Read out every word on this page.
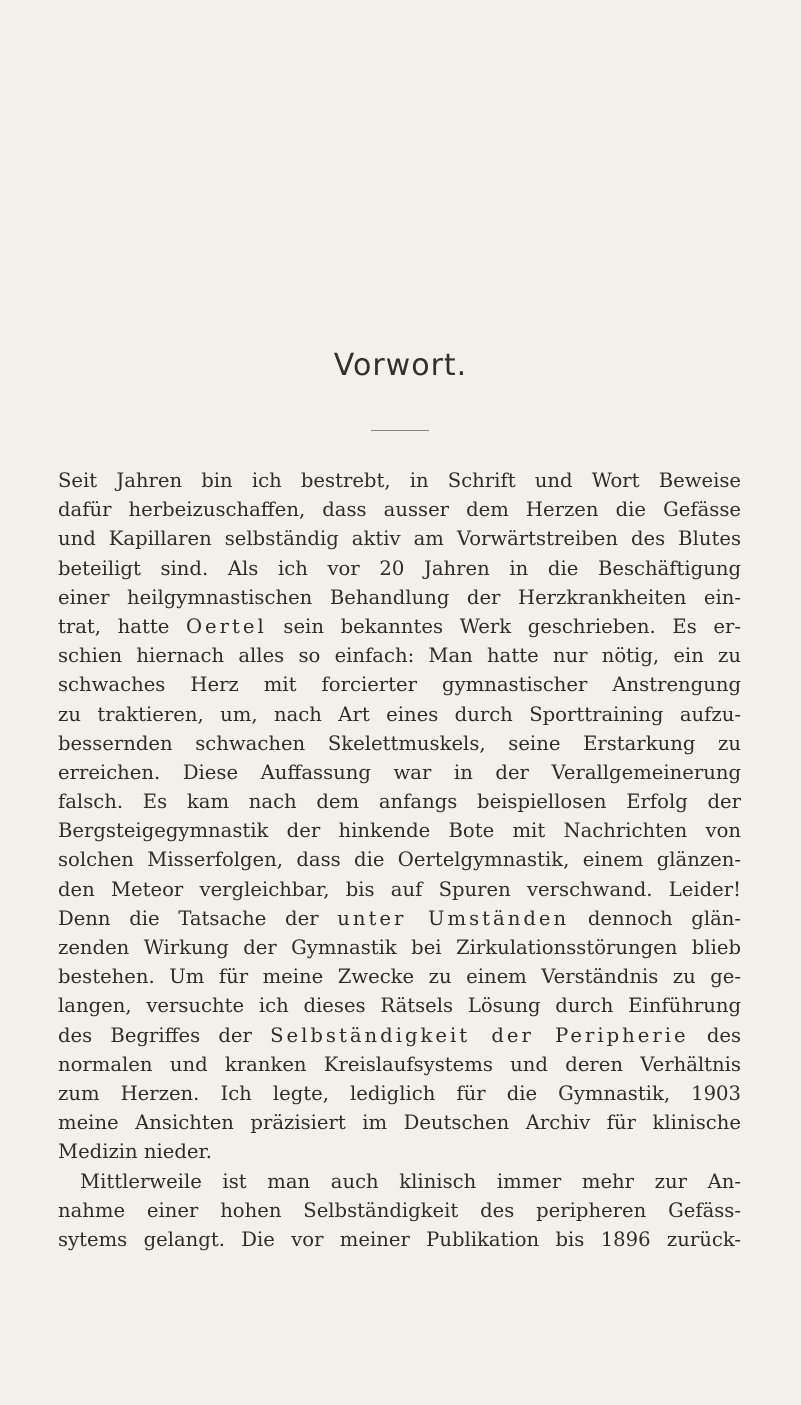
Vorwort.
Seit Jahren bin ich bestrebt, in Schrift und Wort Beweise
dafür herbeizuschaffen, dass ausser dem Herzen die Gefässe
und Kapillaren selbständig aktiv am Vorwärtstreiben des Blutes
beteiligt sind. Als ich vor 20 Jahren in die Beschäftigung
einer heilgymnastischen Behandlung der Herzkrankheiten ein-
trat, hatte Oertel sein bekanntes Werk geschrieben. Es er-
schien hiernach alles so einfach: Man hatte nur nötig, ein zu
schwaches Herz mit forcierter gymnastischer Anstrengung
zu traktieren, um, nach Art eines durch Sporttraining aufzu-
bessernden schwachen Skelettmuskels, seine Erstarkung zu
erreichen. Diese Auffassung war in der Verallgemeinerung
falsch. Es kam nach dem anfangs beispiellosen Erfolg der
Bergsteigegymnastik der hinkende Bote mit Nachrichten von
solchen Misserfolgen, dass die Oertelgymnastik, einem glänzen-
den Meteor vergleichbar, bis auf Spuren verschwand. Leider!
Denn die Tatsache der unter Umständen dennoch glän-
zenden Wirkung der Gymnastik bei Zirkulationsstörungen blieb
bestehen. Um für meine Zwecke zu einem Verständnis zu ge-
langen, versuchte ich dieses Rätsels Lösung durch Einführung
des Begriffes der Selbständigkeit der Peripherie des
normalen und kranken Kreislaufsystems und deren Verhältnis
zum Herzen. Ich legte, lediglich für die Gymnastik, 1903
meine Ansichten präzisiert im Deutschen Archiv für klinische
Medizin nieder.
Mittlerweile ist man auch klinisch immer mehr zur An-
nahme einer hohen Selbständigkeit des peripheren Gefäss-
sytems gelangt. Die vor meiner Publikation bis 1896 zurück-
